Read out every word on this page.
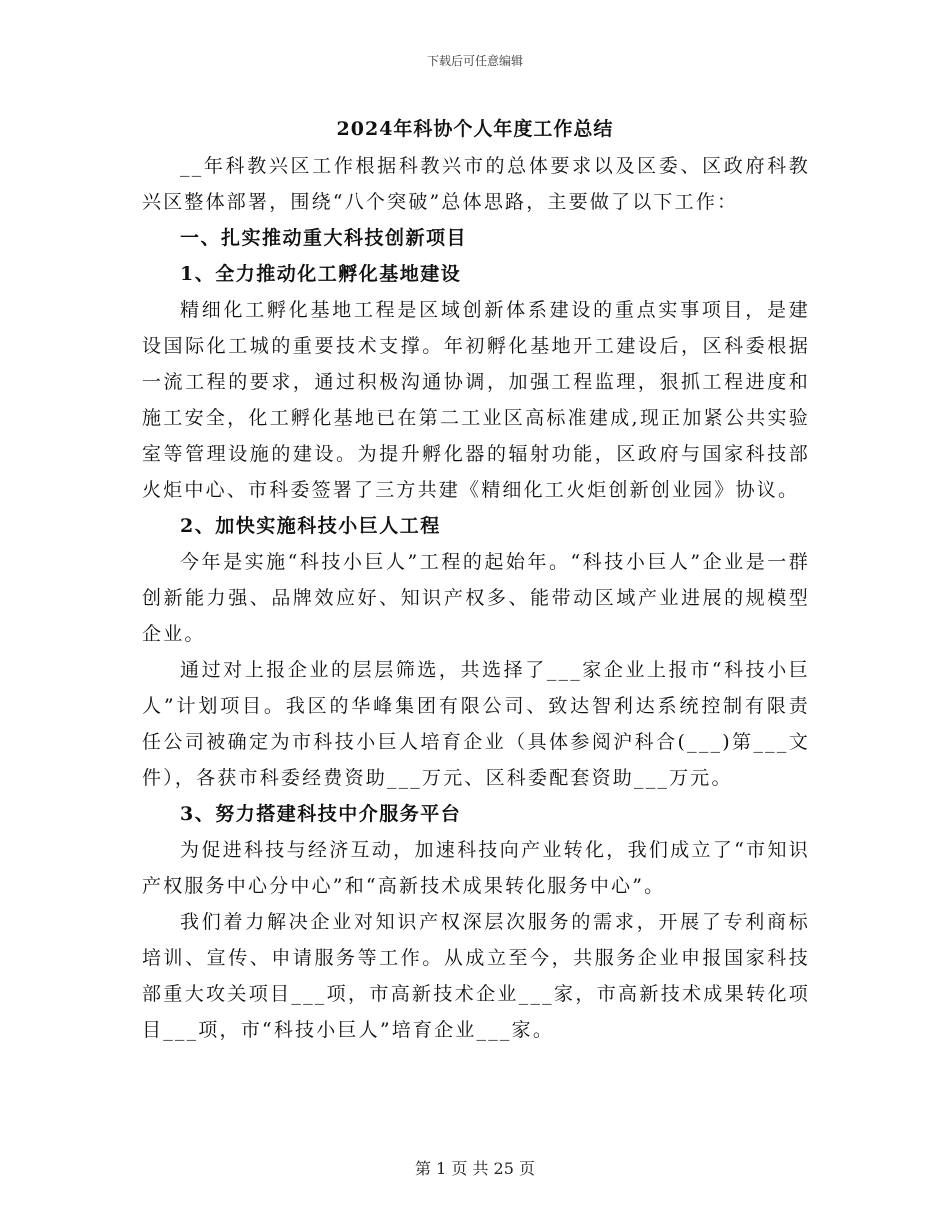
下载后可任意编辑
2024年科协个人年度工作总结

__年科教兴区工作根据科教兴市的总体要求以及区委、区政府科教兴区整体部署，围绕“八个突破”总体思路，主要做了以下工作：

一、扎实推动重大科技创新项目

1、全力推动化工孵化基地建设

精细化工孵化基地工程是区域创新体系建设的重点实事项目，是建设国际化工城的重要技术支撑。年初孵化基地开工建设后，区科委根据一流工程的要求，通过积极沟通协调，加强工程监理，狠抓工程进度和施工安全，化工孵化基地已在第二工业区高标准建成,现正加紧公共实验室等管理设施的建设。为提升孵化器的辐射功能，区政府与国家科技部火炬中心、市科委签署了三方共建《精细化工火炬创新创业园》协议。

2、加快实施科技小巨人工程

今年是实施“科技小巨人”工程的起始年。“科技小巨人”企业是一群创新能力强、品牌效应好、知识产权多、能带动区域产业进展的规模型企业。

通过对上报企业的层层筛选，共选择了___家企业上报市“科技小巨人”计划项目。我区的华峰集团有限公司、致达智利达系统控制有限责任公司被确定为市科技小巨人培育企业（具体参阅沪科合(___)第___文件），各获市科委经费资助___万元、区科委配套资助___万元。

3、努力搭建科技中介服务平台

为促进科技与经济互动，加速科技向产业转化，我们成立了“市知识产权服务中心分中心”和“高新技术成果转化服务中心”。

我们着力解决企业对知识产权深层次服务的需求，开展了专利商标培训、宣传、申请服务等工作。从成立至今，共服务企业申报国家科技部重大攻关项目___项，市高新技术企业___家，市高新技术成果转化项目___项，市“科技小巨人”培育企业___家。

第 1 页 共 25 页
